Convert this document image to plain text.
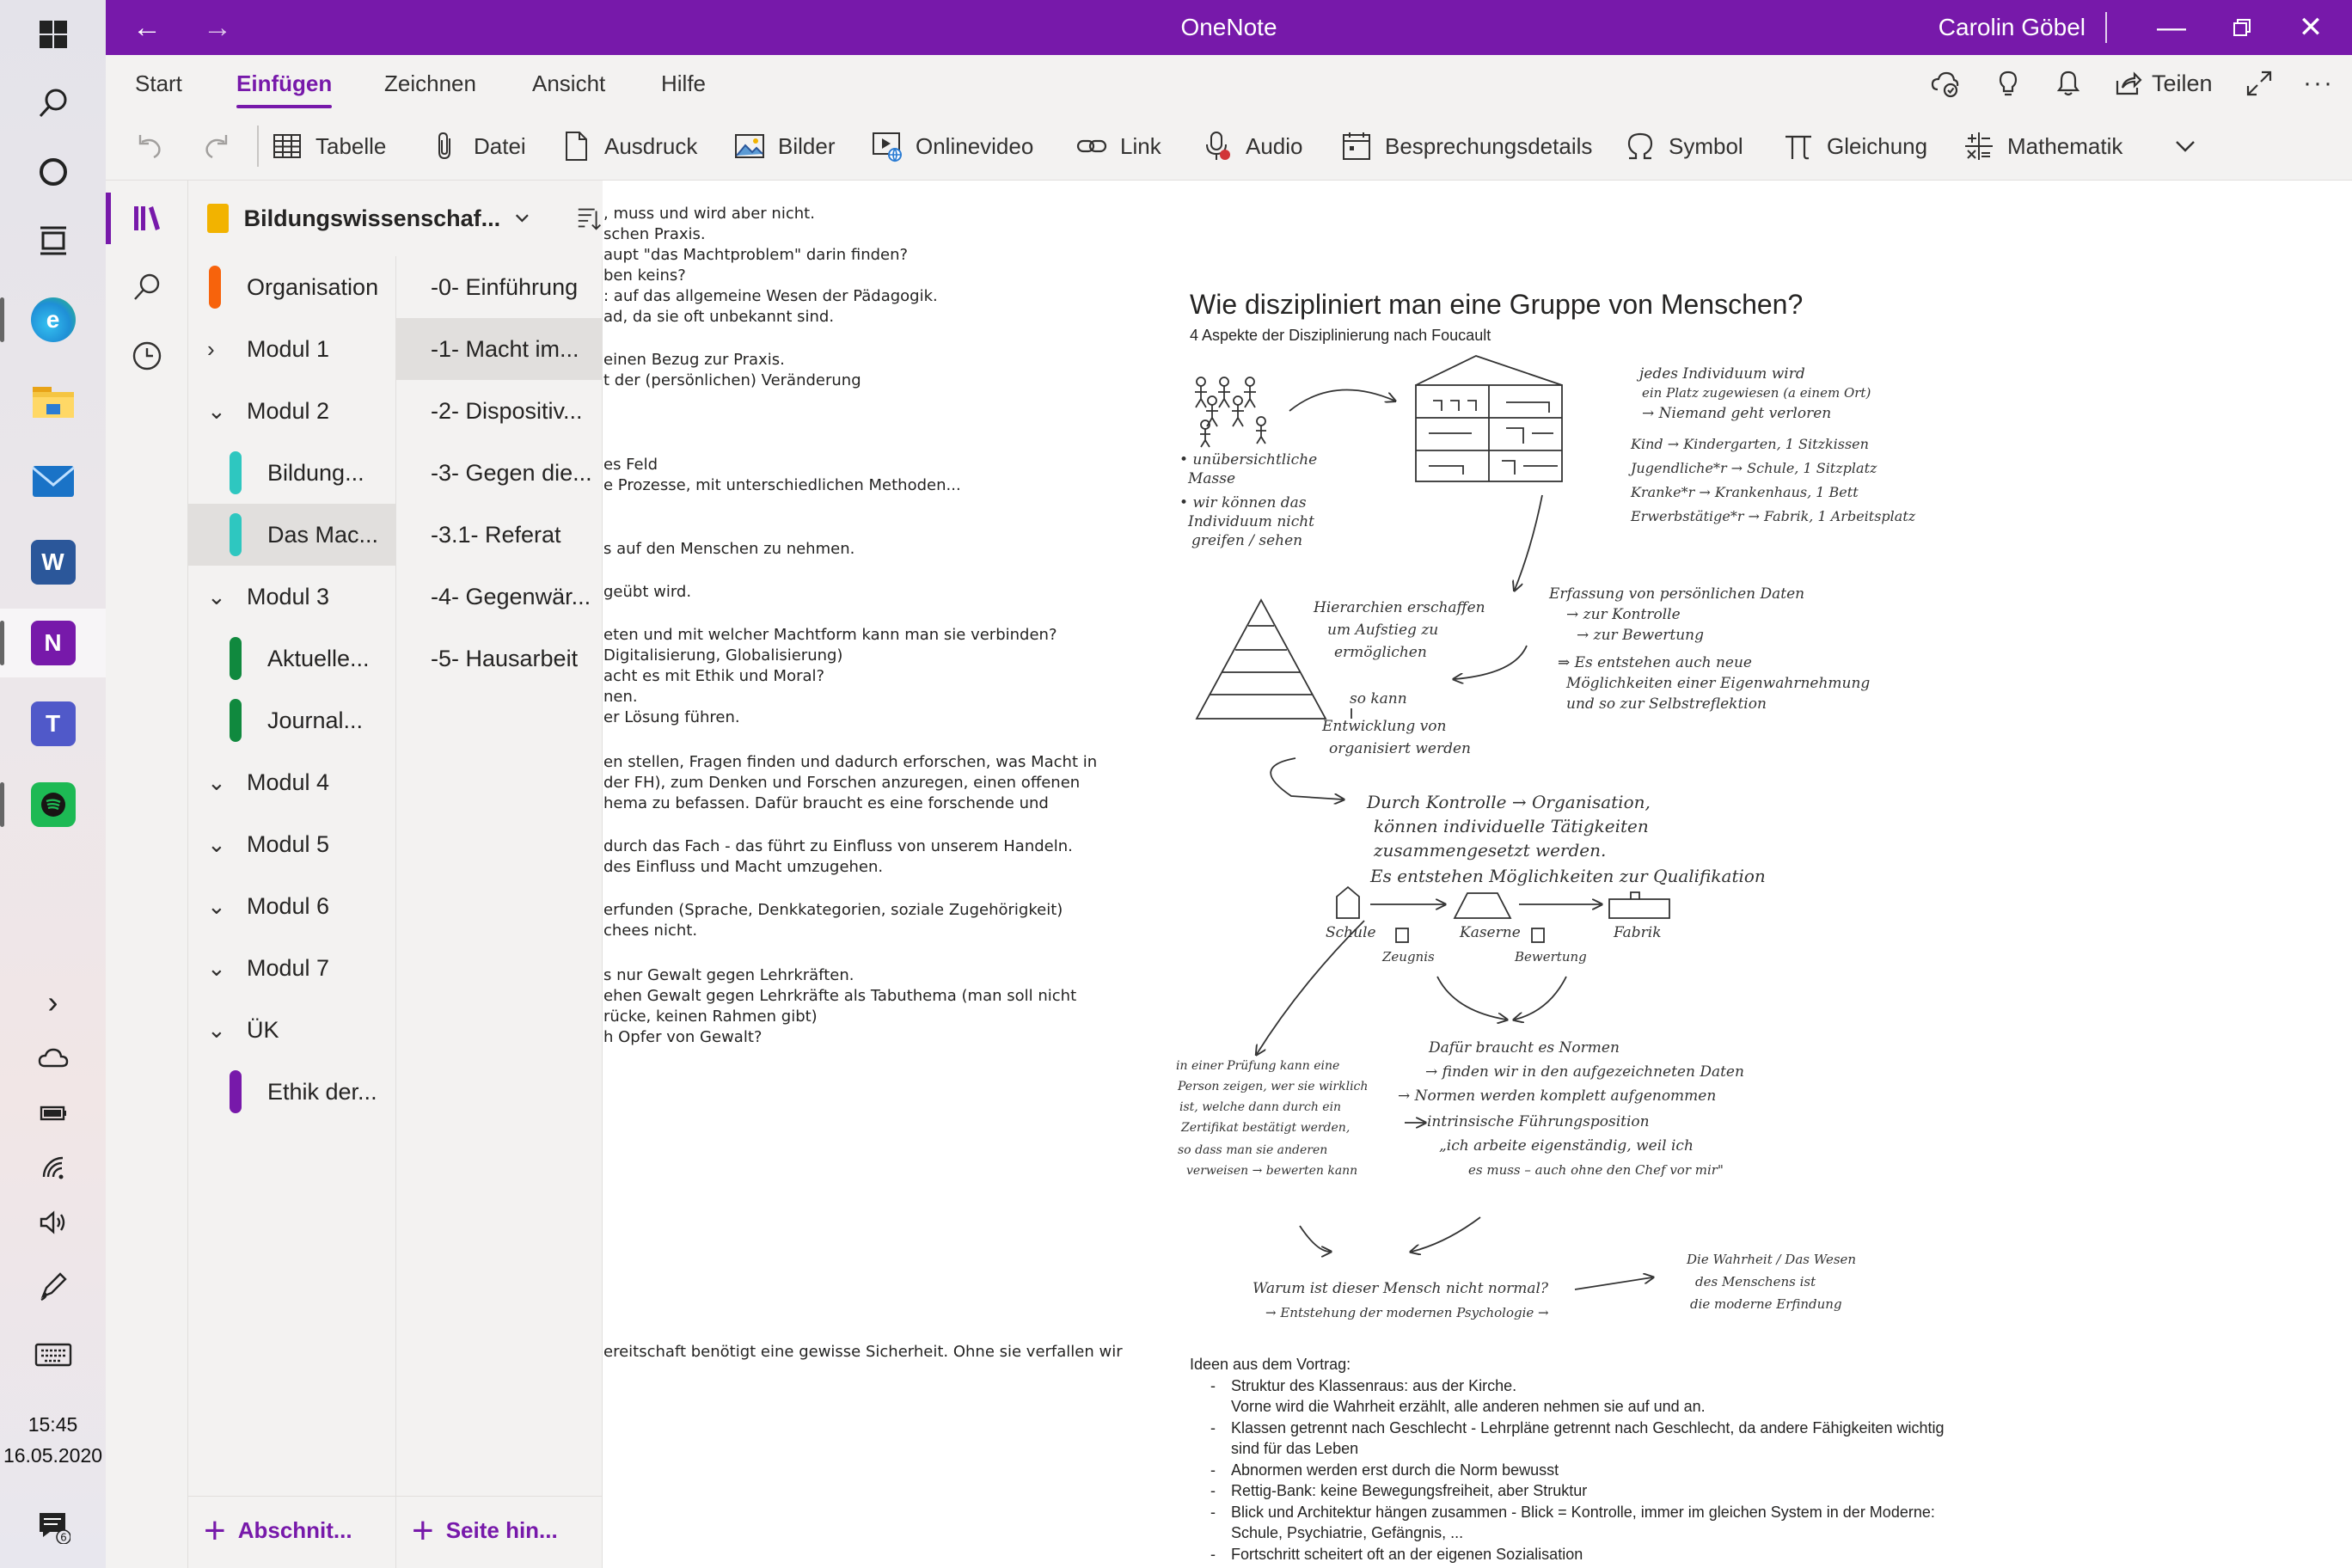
e
W
N
T
›
15:45
16.05.2020
6
← →	OneNote	Carolin Göbel —	✕
Start Einfügen Zeichnen	Ansicht Hilfe	Teilen	···
Tabelle	Datei	Ausdruck	Bilder	Onlinevideo	Link	Audio	Besprechungsdetails	Symbol	Gleichung	Mathematik
Bildungswissenschaf...
Organisation
›	Modul 1
⌄ Modul 2
Bildung...
Das Mac...
⌄ Modul 3
Aktuelle...
Journal...
⌄ Modul 4
⌄ Modul 5
⌄ Modul 6
⌄ Modul 7
⌄ ÜK
Ethik der...
-0- Einführung
-1- Macht im...
-2- Dispositiv...
-3- Gegen die...
-3.1- Referat
-4- Gegenwär...
-5- Hausarbeit
+ Abschnit... + Seite hin...
, muss und wird aber nicht.
schen Praxis.
aupt "das Machtproblem" darin finden?
ben keins?
: auf das allgemeine Wesen der Pädagogik.
ad, da sie oft unbekannt sind.
einen Bezug zur Praxis.
t der (persönlichen) Veränderung
es Feld
e Prozesse, mit unterschiedlichen Methoden...
s auf den Menschen zu nehmen.
geübt wird.
eten und mit welcher Machtform kann man sie verbinden?
Digitalisierung, Globalisierung)
acht es mit Ethik und Moral?
nen.
er Lösung führen.
en stellen, Fragen finden und dadurch erforschen, was Macht in
der FH), zum Denken und Forschen anzuregen, einen offenen
hema zu befassen. Dafür braucht es eine forschende und
durch das Fach - das führt zu Einfluss von unserem Handeln.
des Einfluss und Macht umzugehen.
erfunden (Sprache, Denkkategorien, soziale Zugehörigkeit)
chees nicht.
s nur Gewalt gegen Lehrkräften.
ehen Gewalt gegen Lehrkräfte als Tabuthema (man soll nicht
rücke, keinen Rahmen gibt)
h Opfer von Gewalt?
ereitschaft benötigt eine gewisse Sicherheit. Ohne sie verfallen wir
Wie diszipliniert man eine Gruppe von Menschen?
4 Aspekte der Disziplinierung nach Foucault
• unübersichtliche
Masse
• wir können das
Individuum nicht
greifen / sehen
jedes Individuum wird
ein Platz zugewiesen (a einem Ort)
→ Niemand geht verloren
Kind → Kindergarten, 1 Sitzkissen
Jugendliche*r → Schule, 1 Sitzplatz
Kranke*r → Krankenhaus, 1 Bett
Erwerbstätige*r → Fabrik, 1 Arbeitsplatz
Erfassung von persönlichen Daten
→ zur Kontrolle
→ zur Bewertung
⇒ Es entstehen auch neue
Möglichkeiten einer Eigenwahrnehmung
und so zur Selbstreflektion
Hierarchien erschaffen
um Aufstieg zu
ermöglichen
so kann
Entwicklung von
organisiert werden
Durch Kontrolle → Organisation,
können individuelle Tätigkeiten
zusammengesetzt werden.
Es entstehen Möglichkeiten zur Qualifikation
Schule	Kaserne	Fabrik
Zeugnis	Bewertung
in einer Prüfung kann eine
Person zeigen, wer sie wirklich
ist, welche dann durch ein
Zertifikat bestätigt werden,
so dass man sie anderen
verweisen → bewerten kann
Dafür braucht es Normen
→ finden wir in den aufgezeichneten Daten
→ Normen werden komplett aufgenommen
intrinsische Führungsposition
„ich arbeite eigenständig, weil ich
es muss – auch ohne den Chef vor mir"
Warum ist dieser Mensch nicht normal?
→ Entstehung der modernen Psychologie →
Die Wahrheit / Das Wesen
des Menschens ist
die moderne Erfindung
Ideen aus dem Vortrag:
- Struktur des Klassenraus: aus der Kirche.
Vorne wird die Wahrheit erzählt, alle anderen nehmen sie auf und an.
- Klassen getrennt nach Geschlecht - Lehrpläne getrennt nach Geschlecht, da andere Fähigkeiten wichtig
sind für das Leben
- Abnormen werden erst durch die Norm bewusst
- Rettig-Bank: keine Bewegungsfreiheit, aber Struktur
- Blick und Architektur hängen zusammen - Blick = Kontrolle, immer im gleichen System in der Moderne:
Schule, Psychiatrie, Gefängnis, ...
- Fortschritt scheitert oft an der eigenen Sozialisation
